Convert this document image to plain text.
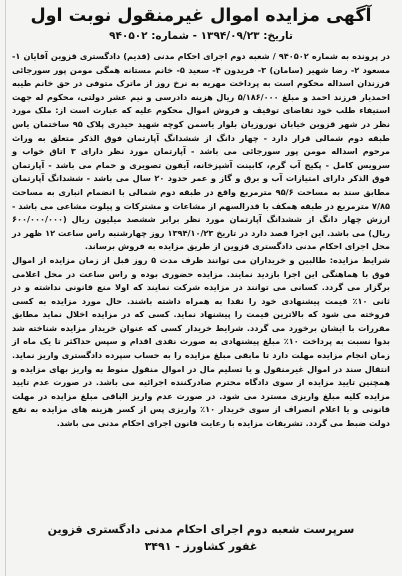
آگهی مزایده اموال غیرمنقول نوبت اول
تاریخ: ۱۳۹۴/۰۹/۲۳ - شماره: ۹۴۰۵۰۲

در پرونده به شماره ۹۴۰۵۰۲ / شعبه دوم اجرای احکام مدنی (قدیم) دادگستری قزوین آقایان ۱- مسعود ۲- رضا شهیر (سامان) ۳- فریدون ۴- سعید ۵- خانم مستانه همگی مومن پور سورجائی فرزندان اسداله محکوم است به پرداخت مهریه به نرخ روز از ماترک متوفی در حق خانم طیبه احمدیار فرزند احمد و مبلغ ۵/۱۸۶/۰۰۰ ریال هزینه دادرسی و نیم عشر دولتی، محکوم له جهت استیفاء طلب خود تقاضای توقیف و فروش اموال محکوم علیه که عبارت است از: ملک مورد نظر در شهر قزوین خیابان نوروزیان بلوار یاسمن کوچه شهید حیدری پلاک ۹۵ ساختمان یاس طبقه دوم شمالی قرار دارد - چهار دانگ از ششدانگ آپارتمان فوق الذکر متعلق به وراث مرحوم اسداله مومن پور سورجائی می باشد - آپارتمان مورد نظر دارای ۳ اتاق خواب و سرویس کامل - پکیج آب گرم، کابینت آشپزخانه، آیفون تصویری و حمام می باشد - آپارتمان فوق الذکر دارای امتیازات آب و برق و گاز و عمر حدود ۲۰ سال می باشد - ششدانگ آپارتمان مطابق سند به مساحت ۹۵/۶ مترمربع واقع در طبقه دوم شمالی با انضمام انباری به مساحت ۷/۸۵ مترمربع در طبقه همکف با قدرالسهم از مشاعات و مشترکات و پیلوت مشاعی می باشد - ارزش چهار دانگ از ششدانگ آپارتمان مورد نظر برابر ششصد میلیون ریال (۶۰۰/۰۰۰/۰۰۰ ریال) می باشد. این اجرا قصد دارد در تاریخ ۱۳۹۴/۱۰/۲۳ روز چهارشنبه راس ساعت ۱۲ ظهر در محل اجرای احکام مدنی دادگستری قزوین از طریق مزایده به فروش برساند.

شرایط مزایده: طالبین و خریداران می توانند ظرف مدت ۵ روز قبل از زمان مزایده از اموال فوق با هماهنگی این اجرا بازدید نمایند. مزایده حضوری بوده و راس ساعت در محل اعلامی برگزار می گردد. کسانی می توانند در مزایده شرکت نمایند که اولا منع قانونی نداشته و در ثانی ۱۰٪ قیمت پیشنهادی خود را نقدا به همراه داشته باشند. حال مورد مزایده به کسی فروخته می شود که بالاترین قیمت را پیشنهاد نماید. کسی که در مزایده اخلال نماید مطابق مقررات با ایشان برخورد می گردد. شرایط خریدار کسی که عنوان خریدار مزایده شناخته شد بدوا نسبت به پرداخت ۱۰٪ مبلغ پیشنهادی به صورت نقدی اقدام و سپس حداکثر تا یک ماه از زمان انجام مزایده مهلت دارد تا مابقی مبلغ مزایده را به حساب سپرده دادگستری واریز نماید. انتقال سند در اموال غیرمنقول و یا تسلیم مال در اموال منقول منوط به واریز بهای مزایده و همچنین تایید مزایده از سوی دادگاه محترم صادرکننده اجرائیه می باشد. در صورت عدم تایید مزایده کلیه مبلغ واریزی مسترد می شود. در صورت عدم واریز الباقی مبلغ مزایده در مهلت قانونی و یا اعلام انصراف از سوی خریدار ۱۰٪ واریزی پس از کسر هزینه های مزایده به نفع دولت ضبط می گردد. تشریفات مزایده با رعایت قانون اجرای احکام مدنی می باشد.

سرپرست شعبه دوم اجرای احکام مدنی دادگستری قزوین
غفور کشاورز - ۳۴۹۱
